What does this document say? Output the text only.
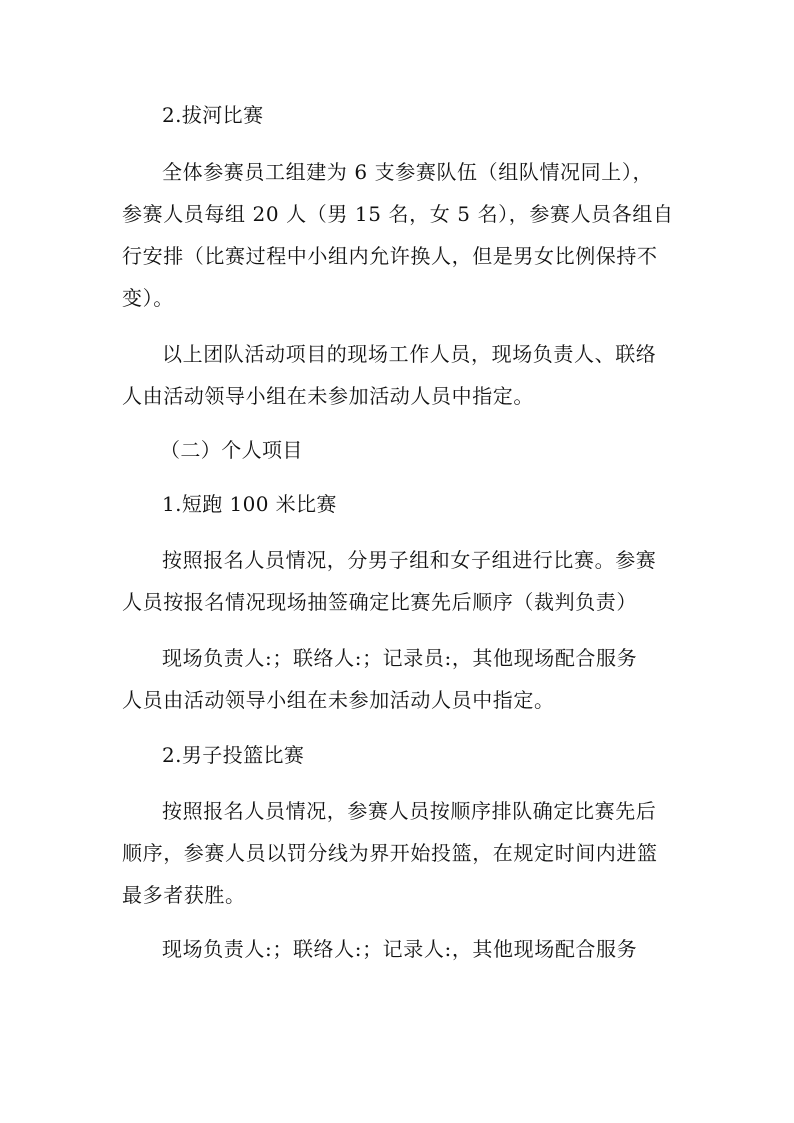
2.拔河比赛

全体参赛员工组建为 6 支参赛队伍（组队情况同上），

参赛人员每组 20 人（男 15 名，女 5 名），参赛人员各组自

行安排（比赛过程中小组内允许换人，但是男女比例保持不

变）。

以上团队活动项目的现场工作人员，现场负责人、联络

人由活动领导小组在未参加活动人员中指定。

（二）个人项目

1.短跑 100 米比赛

按照报名人员情况，分男子组和女子组进行比赛。参赛

人员按报名情况现场抽签确定比赛先后顺序（裁判负责）

现场负责人:；联络人:；记录员:，其他现场配合服务

人员由活动领导小组在未参加活动人员中指定。

2.男子投篮比赛

按照报名人员情况，参赛人员按顺序排队确定比赛先后

顺序，参赛人员以罚分线为界开始投篮，在规定时间内进篮

最多者获胜。

现场负责人:；联络人:；记录人:，其他现场配合服务
